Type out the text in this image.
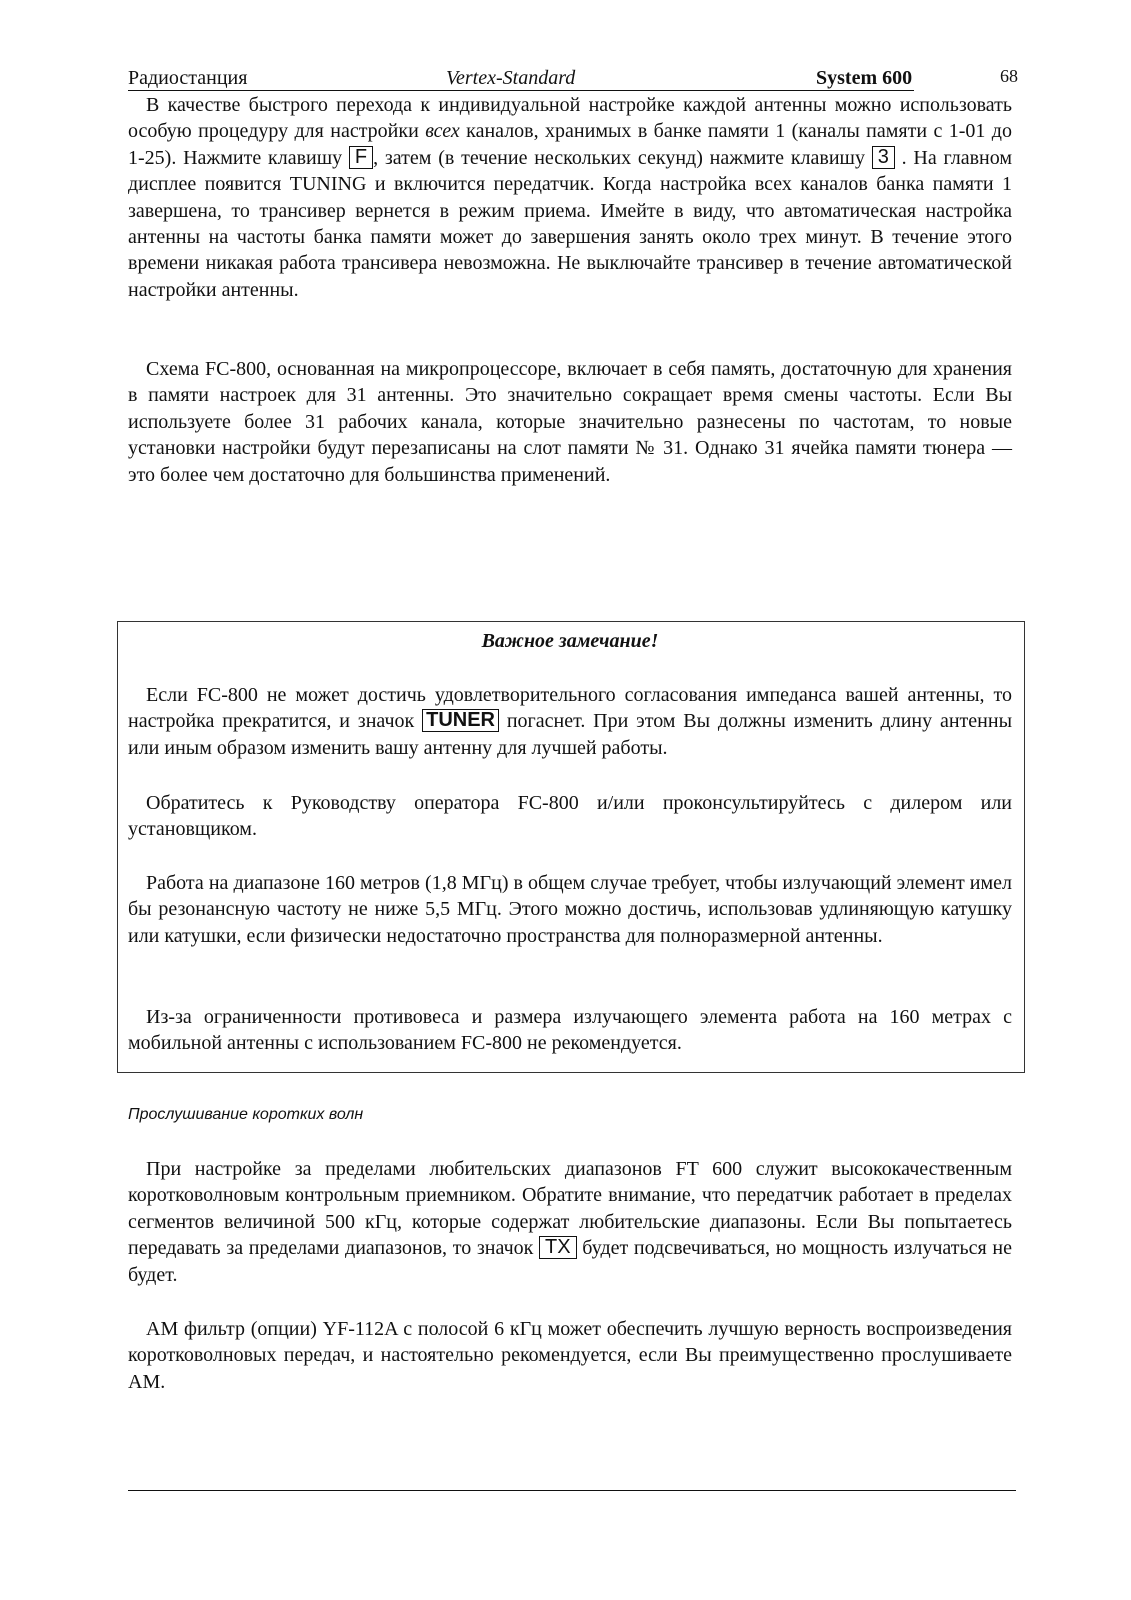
Радиостанция	Vertex-Standard	System 600	68
В качестве быстрого перехода к индивидуальной настройке каждой антенны можно использовать особую процедуру для настройки всех каналов, хранимых в банке памяти 1 (каналы памяти с 1-01 до 1-25). Нажмите клавишу F , затем (в течение нескольких секунд) нажмите клавишу 3 . На главном дисплее появится TUNING и включится передатчик. Когда настройка всех каналов банка памяти 1 завершена, то трансивер вернется в режим приема. Имейте в виду, что автоматическая настройка антенны на частоты банка памяти может до завершения занять около трех минут. В течение этого времени никакая работа трансивера невозможна. Не выключайте трансивер в течение автоматической настройки антенны.
Схема FC-800, основанная на микропроцессоре, включает в себя память, достаточную для хранения в памяти настроек для 31 антенны. Это значительно сокращает время смены частоты. Если Вы используете более 31 рабочих канала, которые значительно разнесены по частотам, то новые установки настройки будут перезаписаны на слот памяти № 31. Однако 31 ячейка памяти тюнера — это более чем достаточно для большинства применений.
Важное замечание!
Если FC-800 не может достичь удовлетворительного согласования импеданса вашей антенны, то настройка прекратится, и значок TUNER погаснет. При этом Вы должны изменить длину антенны или иным образом изменить вашу антенну для лучшей работы.
Обратитесь к Руководству оператора FC-800 и/или проконсультируйтесь с дилером или установщиком.
Работа на диапазоне 160 метров (1,8 МГц) в общем случае требует, чтобы излучающий элемент имел бы резонансную частоту не ниже 5,5 МГц. Этого можно достичь, использовав удлиняющую катушку или катушки, если физически недостаточно пространства для полноразмерной антенны.
Из-за ограниченности противовеса и размера излучающего элемента работа на 160 метрах с мобильной антенны с использованием FC-800 не рекомендуется.
Прослушивание коротких волн
При настройке за пределами любительских диапазонов FT 600 служит высококачественным коротковолновым контрольным приемником. Обратите внимание, что передатчик работает в пределах сегментов величиной 500 кГц, которые содержат любительские диапазоны. Если Вы попытаетесь передавать за пределами диапазонов, то значок TX будет подсвечиваться, но мощность излучаться не будет.
АМ фильтр (опции) YF-112A с полосой 6 кГц может обеспечить лучшую верность воспроизведения коротковолновых передач, и настоятельно рекомендуется, если Вы преимущественно прослушиваете АМ.
